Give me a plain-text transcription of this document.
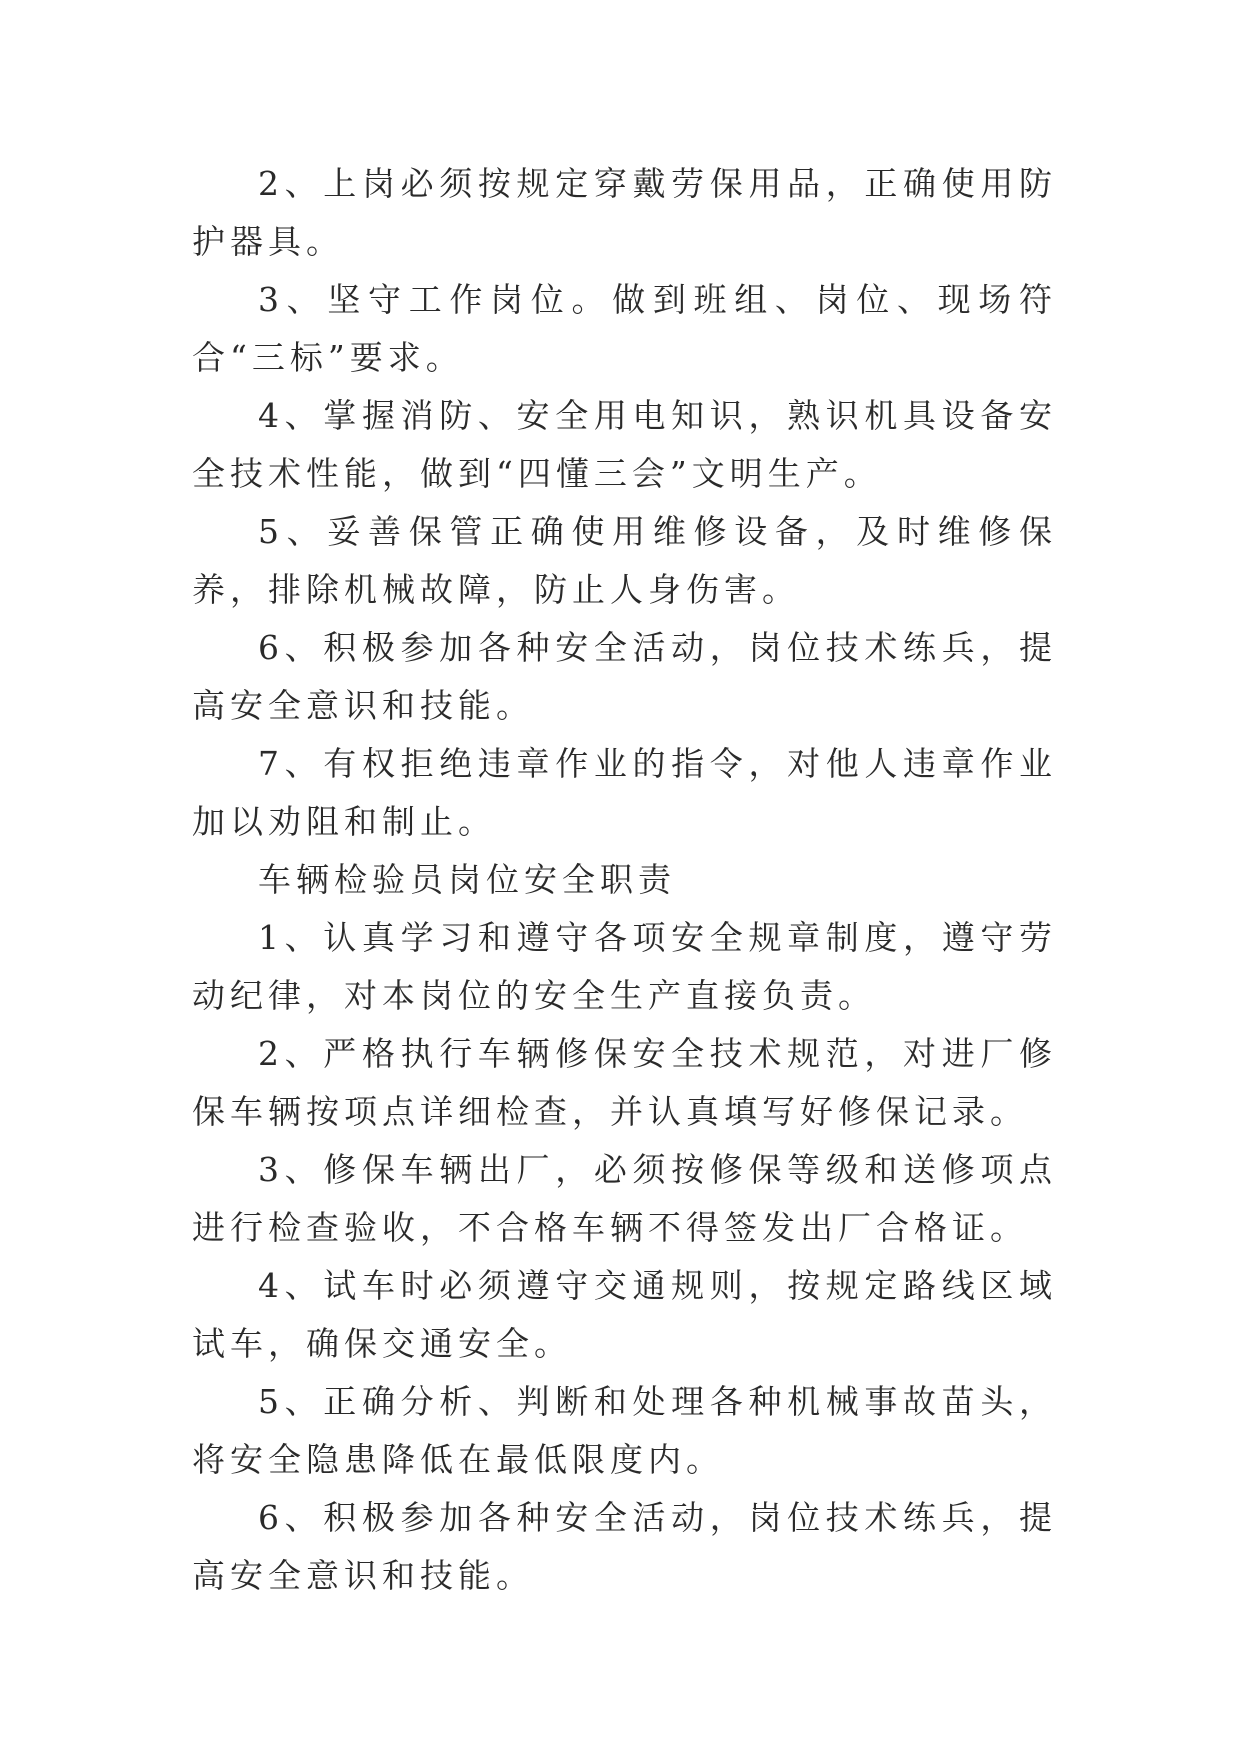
2、上岗必须按规定穿戴劳保用品，正确使用防护器具。

3、坚守工作岗位。做到班组、岗位、现场符合“三标”要求。

4、掌握消防、安全用电知识，熟识机具设备安全技术性能，做到“四懂三会”文明生产。

5、妥善保管正确使用维修设备，及时维修保养，排除机械故障，防止人身伤害。

6、积极参加各种安全活动，岗位技术练兵，提高安全意识和技能。

7、有权拒绝违章作业的指令，对他人违章作业加以劝阻和制止。

车辆检验员岗位安全职责

1、认真学习和遵守各项安全规章制度，遵守劳动纪律，对本岗位的安全生产直接负责。

2、严格执行车辆修保安全技术规范，对进厂修保车辆按项点详细检查，并认真填写好修保记录。

3、修保车辆出厂，必须按修保等级和送修项点进行检查验收，不合格车辆不得签发出厂合格证。

4、试车时必须遵守交通规则，按规定路线区域试车，确保交通安全。

5、正确分析、判断和处理各种机械事故苗头，将安全隐患降低在最低限度内。

6、积极参加各种安全活动，岗位技术练兵，提高安全意识和技能。
